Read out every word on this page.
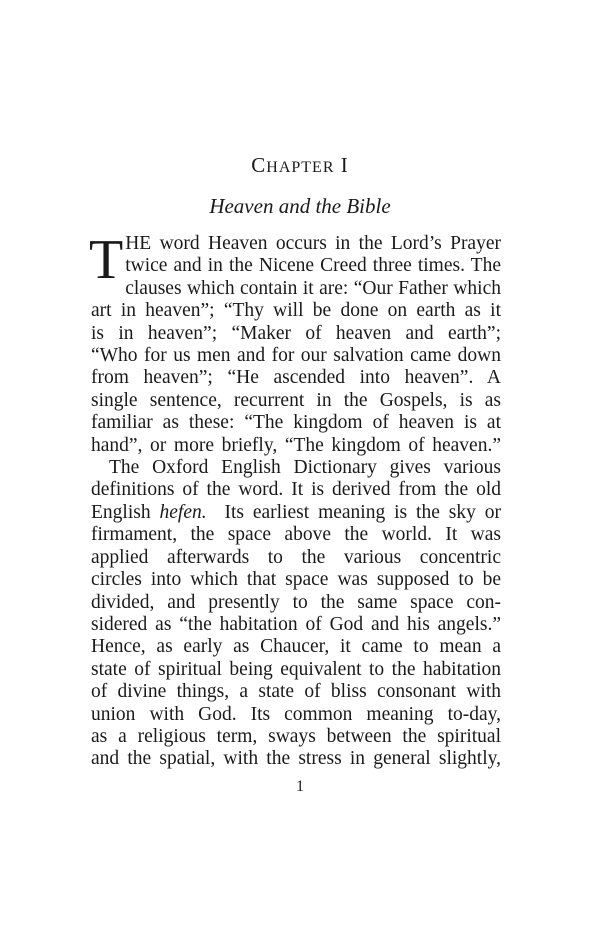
CHAPTER I
Heaven and the Bible
T HE word Heaven occurs in the Lord’s Prayer
twice and in the Nicene Creed three times. The
clauses which contain it are: “Our Father which
art in heaven”; “Thy will be done on earth as it
is in heaven”; “Maker of heaven and earth”;
“Who for us men and for our salvation came down
from heaven”; “He ascended into heaven”. A
single sentence, recurrent in the Gospels, is as
familiar as these: “The kingdom of heaven is at
hand”, or more briefly, “The kingdom of heaven.”
The Oxford English Dictionary gives various
definitions of the word. It is derived from the old
English hefen. Its earliest meaning is the sky or
firmament, the space above the world. It was
applied afterwards to the various concentric
circles into which that space was supposed to be
divided, and presently to the same space con-
sidered as “the habitation of God and his angels.”
Hence, as early as Chaucer, it came to mean a
state of spiritual being equivalent to the habitation
of divine things, a state of bliss consonant with
union with God. Its common meaning to-day,
as a religious term, sways between the spiritual
and the spatial, with the stress in general slightly,
1
